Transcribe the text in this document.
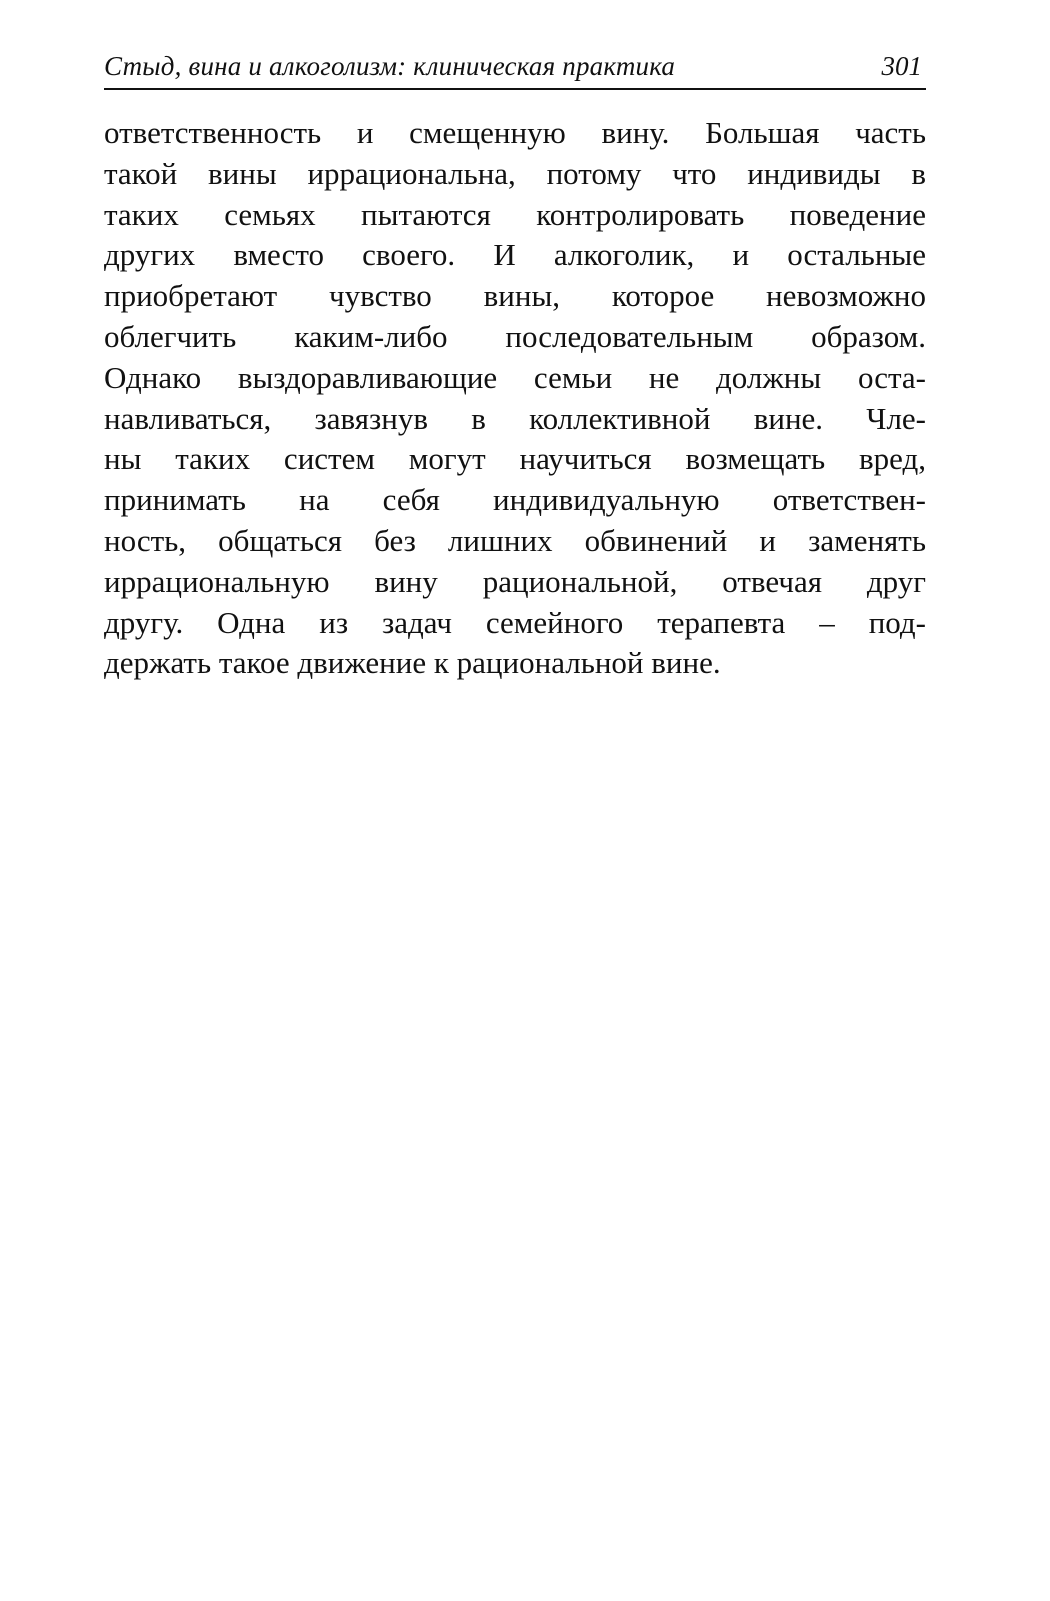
Стыд, вина и алкоголизм: клиническая практика	301
ответственность и смещенную вину. Большая часть
такой вины иррациональна, потому что индивиды в
таких семьях пытаются контролировать поведение
других вместо своего. И алкоголик, и остальные
приобретают чувство вины, которое невозможно
облегчить каким-либо последовательным образом.
Однако выздоравливающие семьи не должны оста-
навливаться, завязнув в коллективной вине. Чле-
ны таких систем могут научиться возмещать вред,
принимать на себя индивидуальную ответствен-
ность, общаться без лишних обвинений и заменять
иррациональную вину рациональной, отвечая друг
другу. Одна из задач семейного терапевта – под-
держать такое движение к рациональной вине.
